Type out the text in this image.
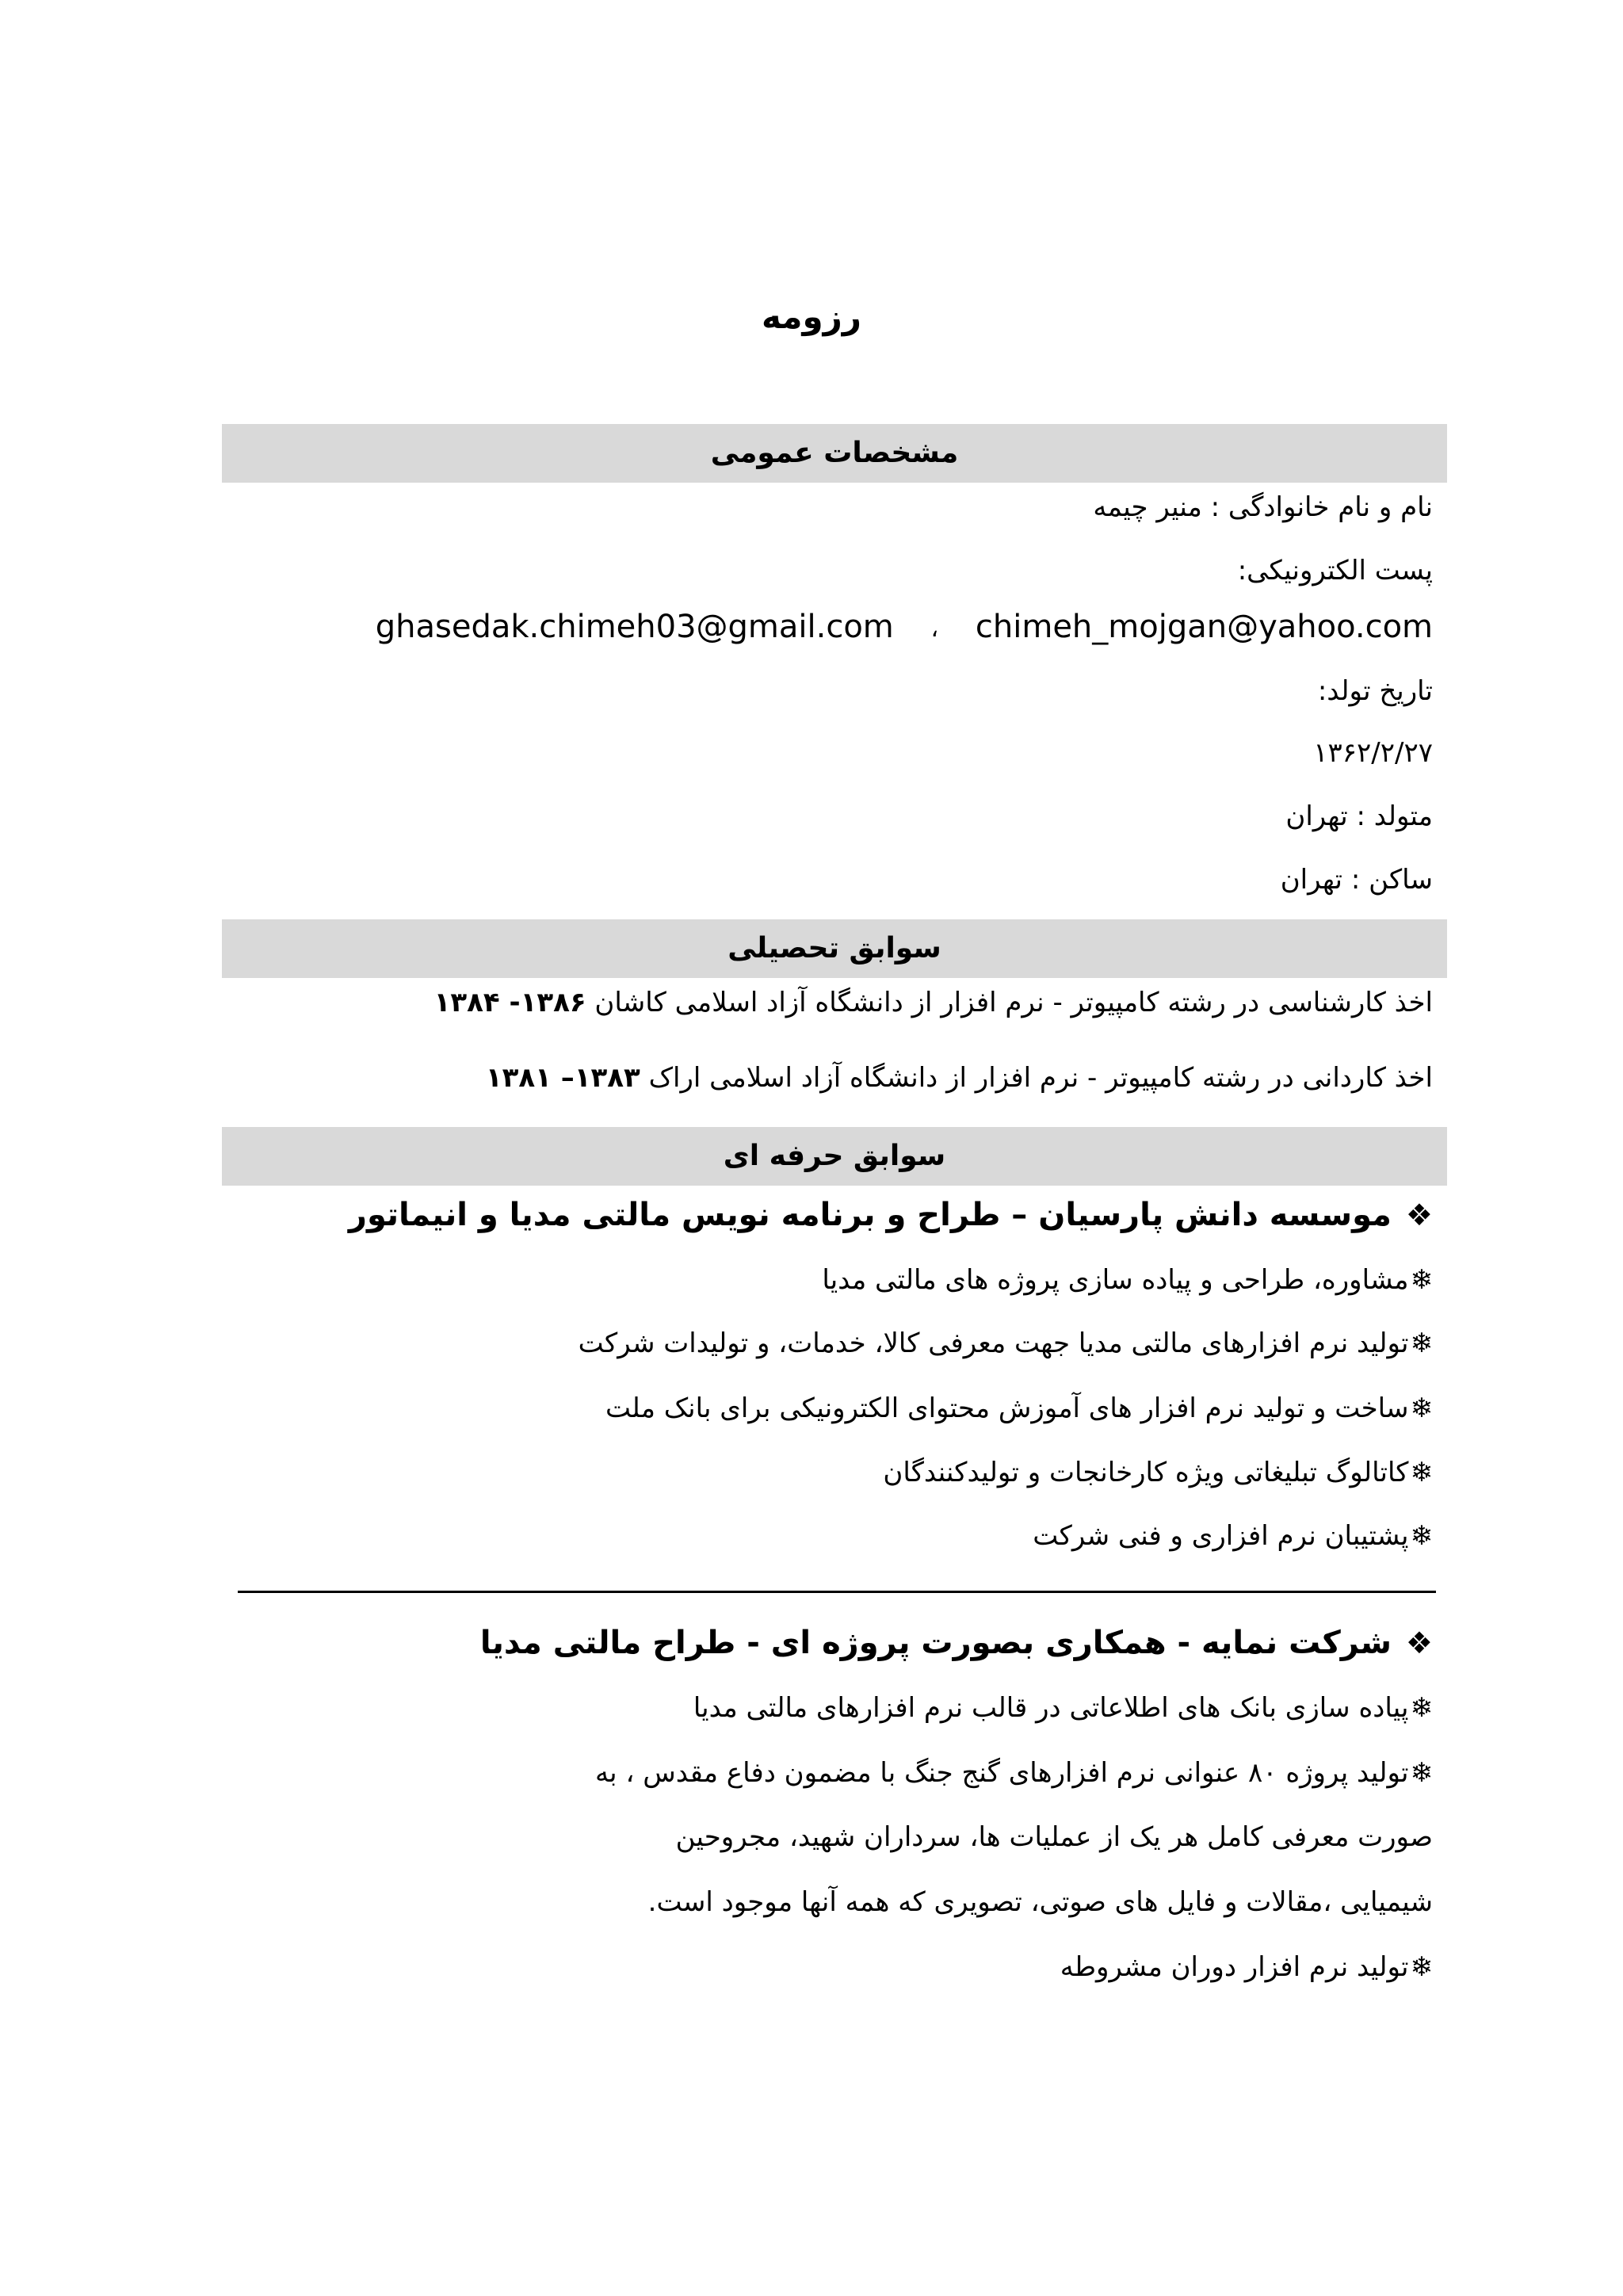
رزومه
مشخصات عمومی
نام و نام خانوادگی : منیر چیمه
پست الکترونیکی:
ghasedak.chimeh03@gmail.com ، chimeh_mojgan@yahoo.com
تاریخ تولد:
۱۳۶۲/۲/۲۷
متولد : تهران
ساکن : تهران
سوابق تحصیلی
اخذ کارشناسی در رشته کامپیوتر - نرم افزار از دانشگاه آزاد اسلامی کاشان ۱۳۸۶- ۱۳۸۴
اخذ کاردانی در رشته کامپیوتر - نرم افزار از دانشگاه آزاد اسلامی اراک ۱۳۸۳– ۱۳۸۱
سوابق حرفه ای
❖موسسه دانش پارسیان – طراح و برنامه نویس مالتی مدیا و انیماتور
❄مشاوره، طراحی و پیاده سازی پروژه های مالتی مدیا
❄تولید نرم افزارهای مالتی مدیا جهت معرفی کالا، خدمات، و تولیدات شرکت
❄ساخت و تولید نرم افزار های آموزش محتوای الکترونیکی برای بانک ملت
❄کاتالوگ تبلیغاتی ویژه کارخانجات و تولیدکنندگان
❄پشتیبان نرم افزاری و فنی شرکت
❖شرکت نمایه - همکاری بصورت پروژه ای - طراح مالتی مدیا
❄پیاده سازی بانک های اطلاعاتی در قالب نرم افزارهای مالتی مدیا
❄تولید پروژه ۸۰ عنوانی نرم افزارهای گنج جنگ با مضمون دفاع مقدس ، به
صورت معرفی کامل هر یک از عملیات ها، سرداران شهید، مجروحین
شیمیایی ،مقالات و فایل های صوتی، تصویری که همه آنها موجود است.
❄تولید نرم افزار دوران مشروطه
